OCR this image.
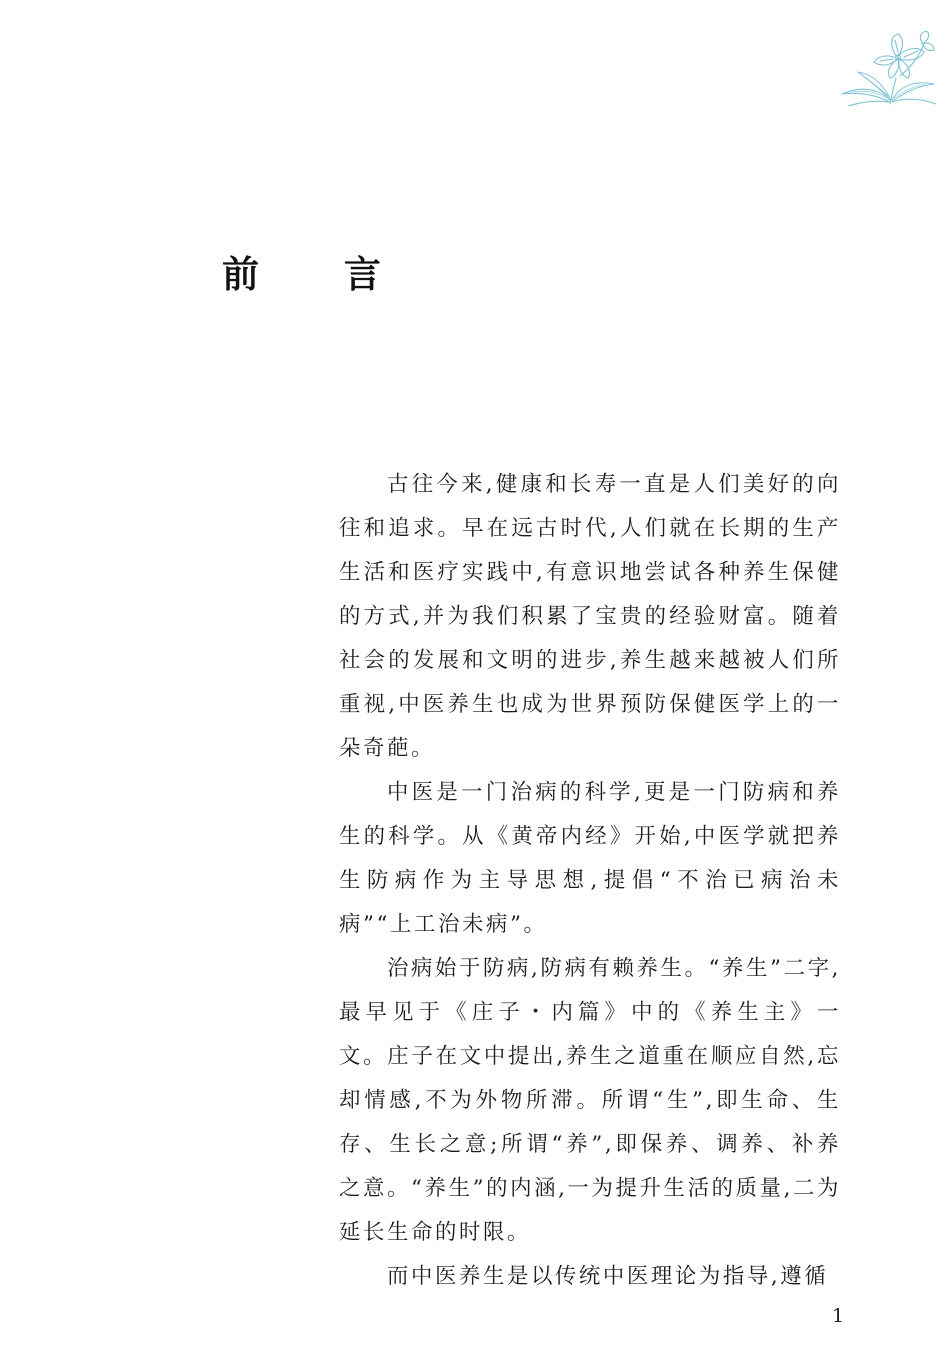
前 言

古往今来,健康和长寿一直是人们美好的向往和追求。早在远古时代,人们就在长期的生产生活和医疗实践中,有意识地尝试各种养生保健的方式,并为我们积累了宝贵的经验财富。随着社会的发展和文明的进步,养生越来越被人们所重视,中医养生也成为世界预防保健医学上的一朵奇葩。

中医是一门治病的科学,更是一门防病和养生的科学。从《黄帝内经》开始,中医学就把养生防病作为主导思想,提倡“不治已病治未病”“上工治未病”。

治病始于防病,防病有赖养生。“养生”二字,最早见于《庄子・内篇》中的《养生主》一文。庄子在文中提出,养生之道重在顺应自然,忘却情感,不为外物所滞。所谓“生”,即生命、生存、生长之意;所谓“养”,即保养、调养、补养之意。“养生”的内涵,一为提升生活的质量,二为延长生命的时限。

而中医养生是以传统中医理论为指导,遵循

1
